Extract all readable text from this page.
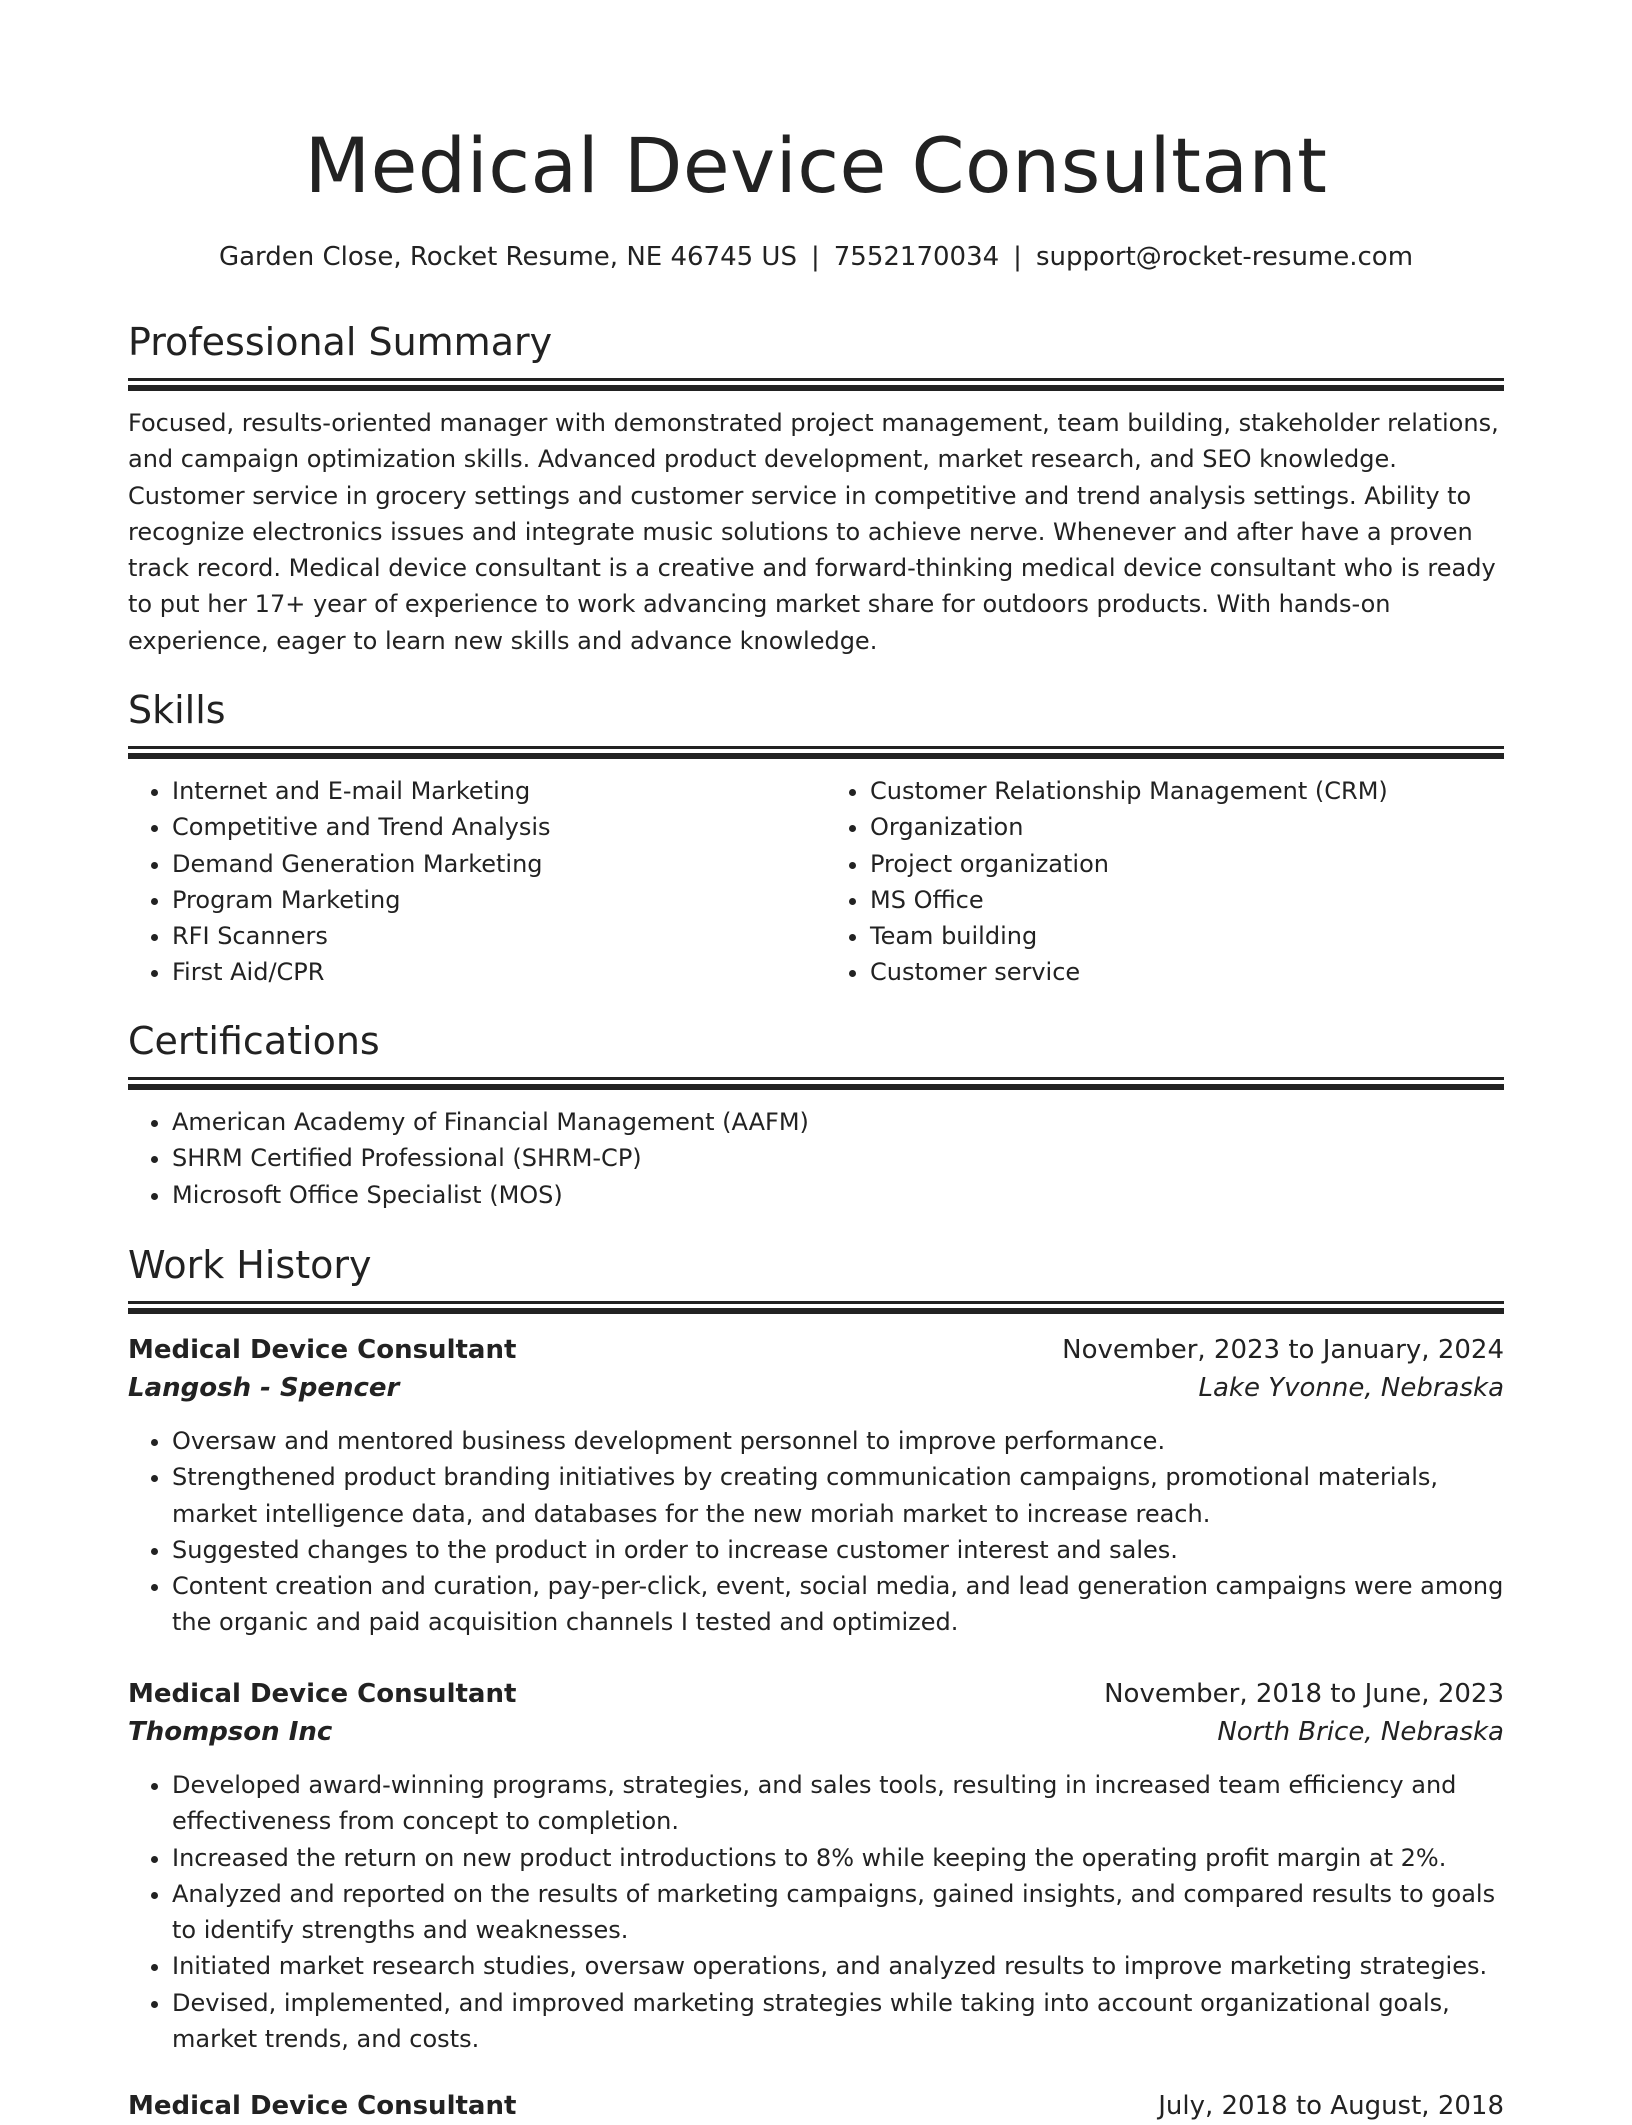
Medical Device Consultant
Garden Close, Rocket Resume, NE 46745 US | 7552170034 | support@rocket-resume.com
Professional Summary

Focused, results-oriented manager with demonstrated project management, team building, stakeholder relations, and campaign optimization skills. Advanced product development, market research, and SEO knowledge. Customer service in grocery settings and customer service in competitive and trend analysis settings. Ability to recognize electronics issues and integrate music solutions to achieve nerve. Whenever and after have a proven track record. Medical device consultant is a creative and forward-thinking medical device consultant who is ready to put her 17+ year of experience to work advancing market share for outdoors products. With hands-on experience, eager to learn new skills and advance knowledge.

Skills
• Internet and E-mail Marketing
• Competitive and Trend Analysis
• Demand Generation Marketing
• Program Marketing
• RFI Scanners
• First Aid/CPR
• Customer Relationship Management (CRM)
• Organization
• Project organization
• MS Office
• Team building
• Customer service
Certifications
• American Academy of Financial Management (AAFM)
• SHRM Certified Professional (SHRM-CP)
• Microsoft Office Specialist (MOS)
Work History
Medical Device Consultant	November, 2023 to January, 2024
Langosh - Spencer	Lake Yvonne, Nebraska
• Oversaw and mentored business development personnel to improve performance.
• Strengthened product branding initiatives by creating communication campaigns, promotional materials, market intelligence data, and databases for the new moriah market to increase reach.
• Suggested changes to the product in order to increase customer interest and sales.
• Content creation and curation, pay-per-click, event, social media, and lead generation campaigns were among the organic and paid acquisition channels I tested and optimized.
Medical Device Consultant	November, 2018 to June, 2023
Thompson Inc	North Brice, Nebraska
• Developed award-winning programs, strategies, and sales tools, resulting in increased team efficiency and effectiveness from concept to completion.
• Increased the return on new product introductions to 8% while keeping the operating profit margin at 2%.
• Analyzed and reported on the results of marketing campaigns, gained insights, and compared results to goals to identify strengths and weaknesses.
• Initiated market research studies, oversaw operations, and analyzed results to improve marketing strategies.
• Devised, implemented, and improved marketing strategies while taking into account organizational goals, market trends, and costs.
Medical Device Consultant	July, 2018 to August, 2018
